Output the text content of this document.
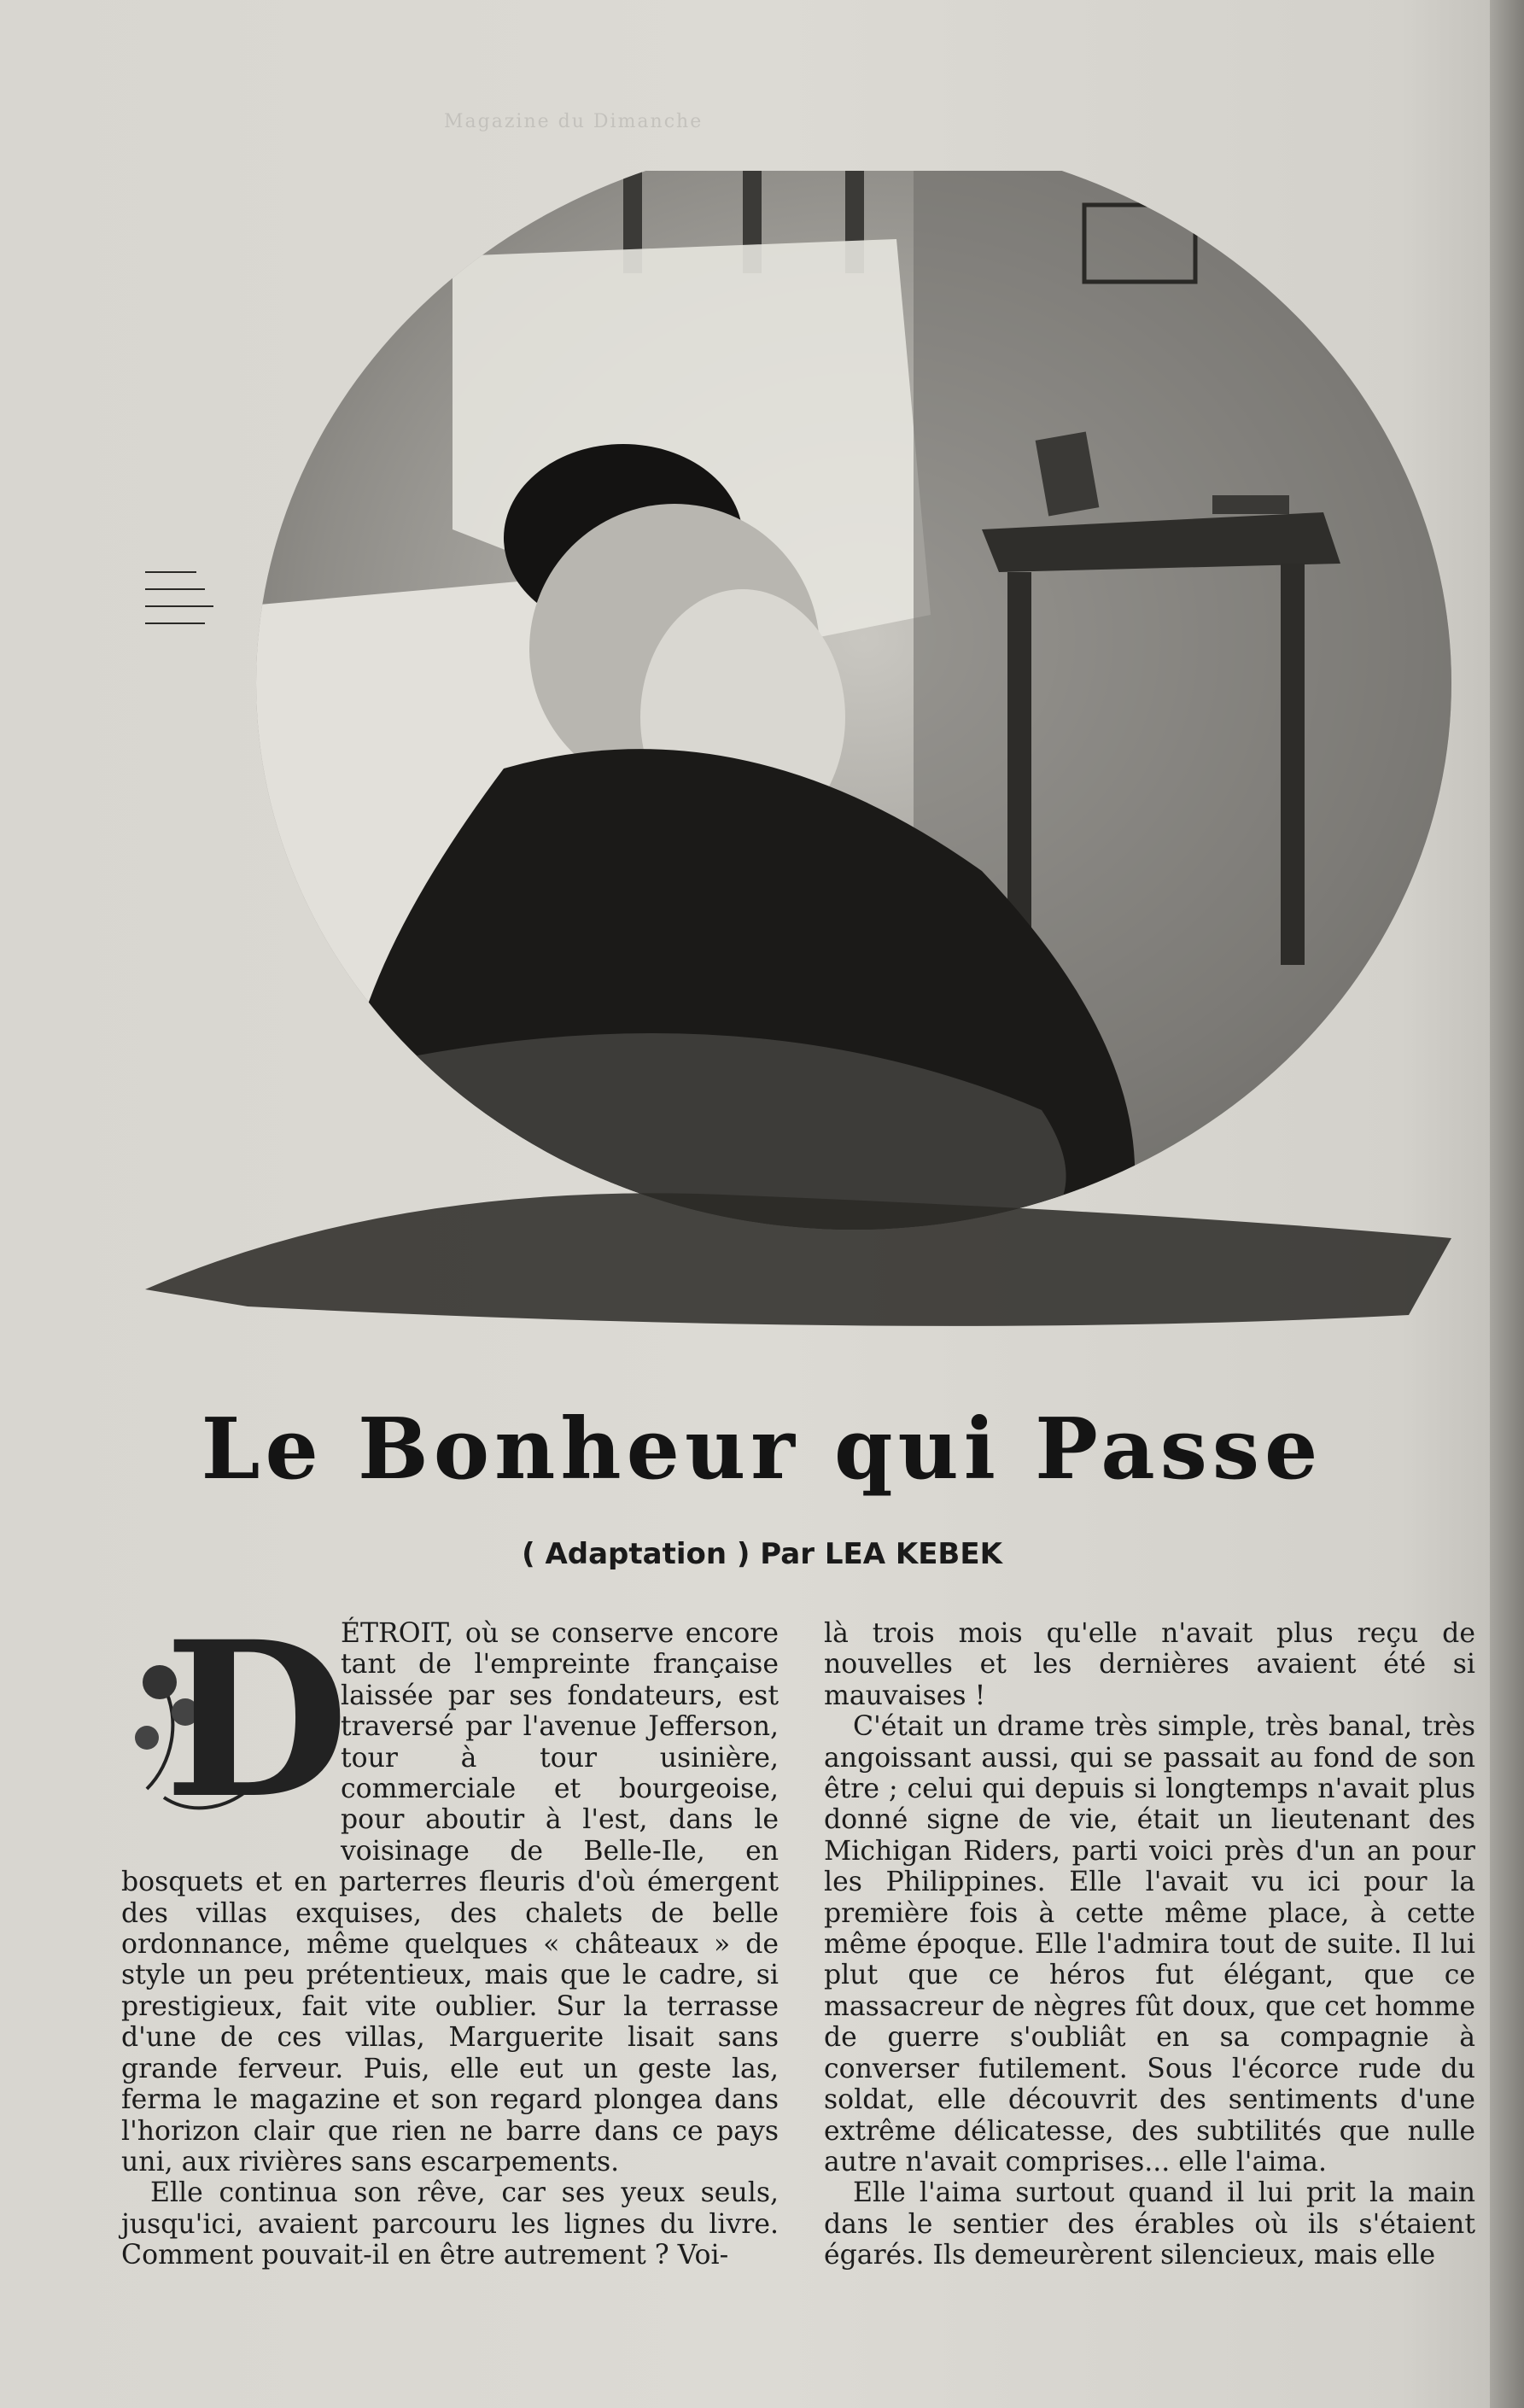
Magazine du Dimanche
Le Bonheur qui Passe
( Adaptation ) Par LEA KEBEK
D

ÉTROIT, où se conserve encore tant de l'empreinte française laissée par ses fondateurs, est traversé par l'avenue Jefferson, tour à tour usinière, commerciale et bourgeoise, pour aboutir à l'est, dans le voisinage de Belle-Ile, en bosquets et en parterres fleuris d'où émergent des villas exquises, des chalets de belle ordonnance, même quelques « châteaux » de style un peu prétentieux, mais que le cadre, si prestigieux, fait vite oublier. Sur la terrasse d'une de ces villas, Marguerite lisait sans grande ferveur. Puis, elle eut un geste las, ferma le magazine et son regard plongea dans l'horizon clair que rien ne barre dans ce pays uni, aux rivières sans escarpements.

Elle continua son rêve, car ses yeux seuls, jusqu'ici, avaient parcouru les lignes du livre. Comment pouvait-il en être autrement ? Voi-

là trois mois qu'elle n'avait plus reçu de nouvelles et les dernières avaient été si mauvaises !

C'était un drame très simple, très banal, très angoissant aussi, qui se passait au fond de son être ; celui qui depuis si longtemps n'avait plus donné signe de vie, était un lieutenant des Michigan Riders, parti voici près d'un an pour les Philippines. Elle l'avait vu ici pour la première fois à cette même place, à cette même époque. Elle l'admira tout de suite. Il lui plut que ce héros fut élégant, que ce massacreur de nègres fût doux, que cet homme de guerre s'oubliât en sa compagnie à converser futilement. Sous l'écorce rude du soldat, elle découvrit des sentiments d'une extrême délicatesse, des subtilités que nulle autre n'avait comprises... elle l'aima.

Elle l'aima surtout quand il lui prit la main dans le sentier des érables où ils s'étaient égarés. Ils demeurèrent silencieux, mais elle
